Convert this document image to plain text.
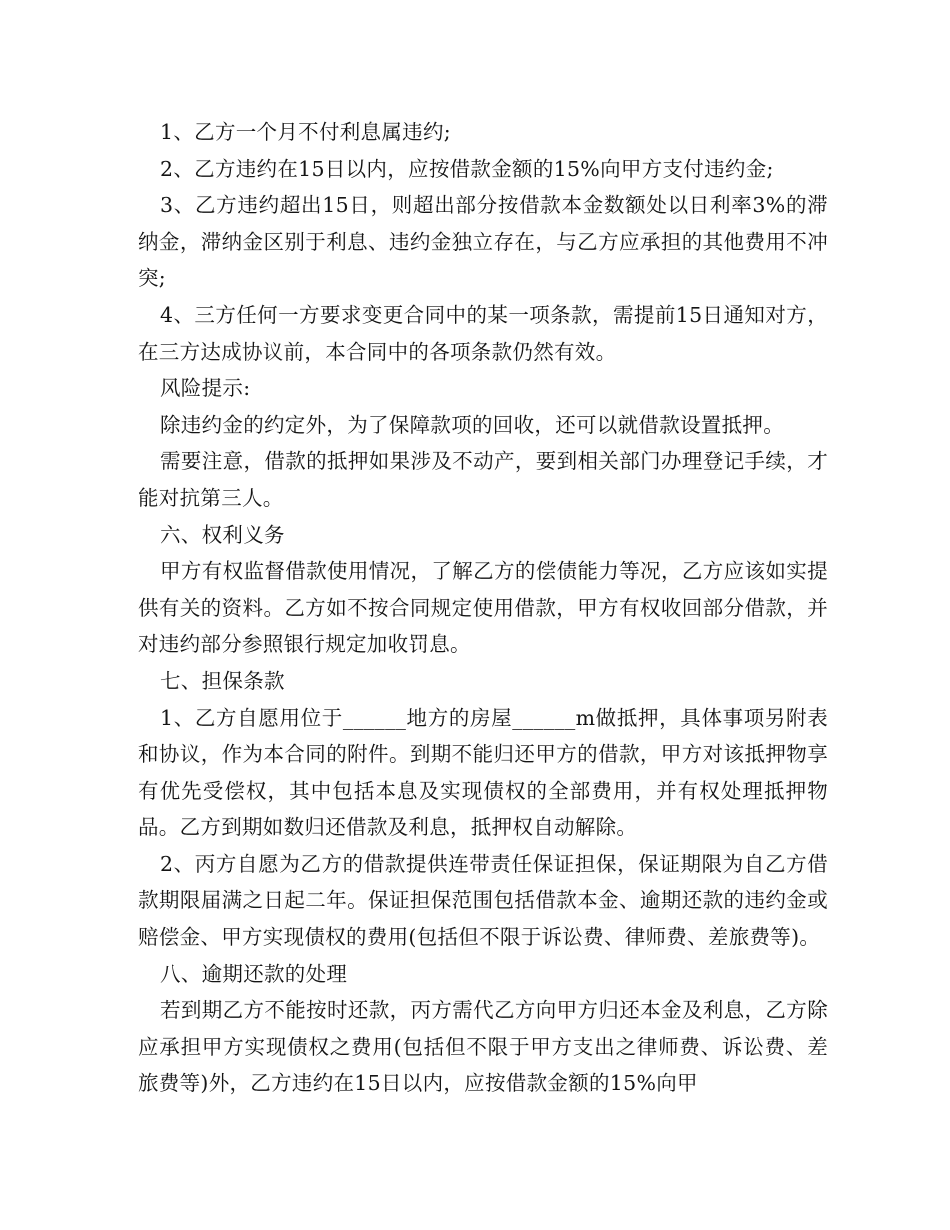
1、乙方一个月不付利息属违约;

2、乙方违约在15日以内，应按借款金额的15%向甲方支付违约金;

3、乙方违约超出15日，则超出部分按借款本金数额处以日利率3%的滞纳金，滞纳金区别于利息、违约金独立存在，与乙方应承担的其他费用不冲突;

4、三方任何一方要求变更合同中的某一项条款，需提前15日通知对方，在三方达成协议前，本合同中的各项条款仍然有效。

风险提示:

除违约金的约定外，为了保障款项的回收，还可以就借款设置抵押。

需要注意，借款的抵押如果涉及不动产，要到相关部门办理登记手续，才能对抗第三人。

六、权利义务

甲方有权监督借款使用情况，了解乙方的偿债能力等况，乙方应该如实提供有关的资料。乙方如不按合同规定使用借款，甲方有权收回部分借款，并对违约部分参照银行规定加收罚息。

七、担保条款

1、乙方自愿用位于______地方的房屋______m做抵押，具体事项另附表和协议，作为本合同的附件。到期不能归还甲方的借款，甲方对该抵押物享有优先受偿权，其中包括本息及实现债权的全部费用，并有权处理抵押物品。乙方到期如数归还借款及利息，抵押权自动解除。

2、丙方自愿为乙方的借款提供连带责任保证担保，保证期限为自乙方借款期限届满之日起二年。保证担保范围包括借款本金、逾期还款的违约金或赔偿金、甲方实现债权的费用(包括但不限于诉讼费、律师费、差旅费等)。

八、逾期还款的处理

若到期乙方不能按时还款，丙方需代乙方向甲方归还本金及利息，乙方除应承担甲方实现债权之费用(包括但不限于甲方支出之律师费、诉讼费、差旅费等)外，乙方违约在15日以内，应按借款金额的15%向甲
